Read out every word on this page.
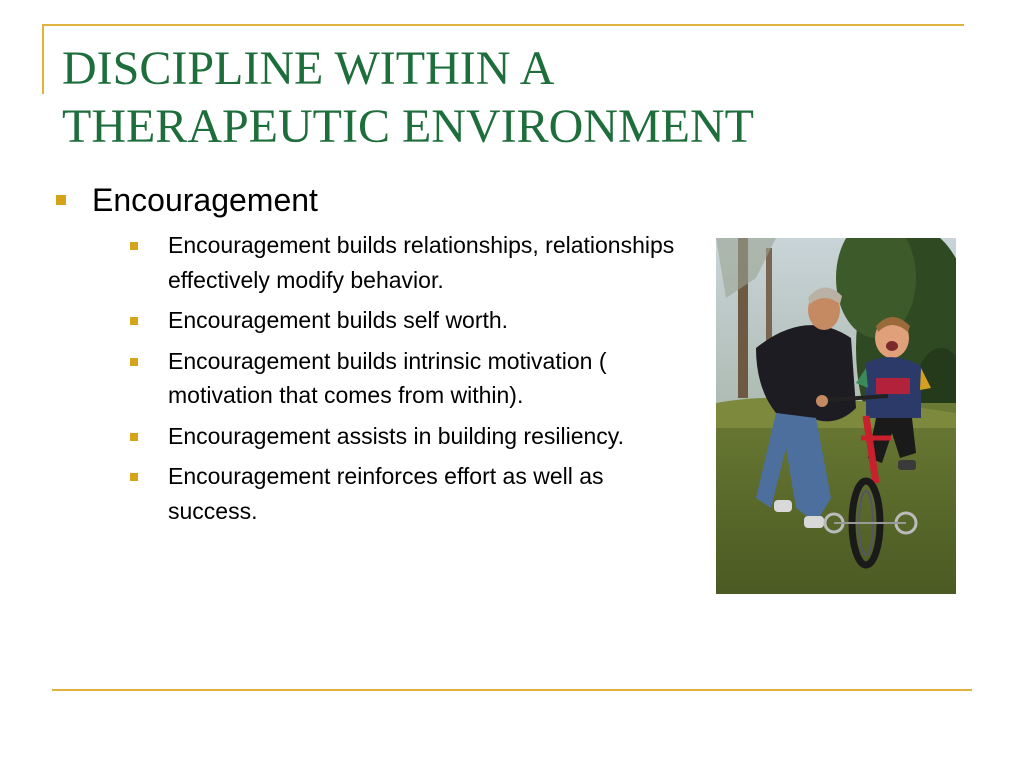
DISCIPLINE WITHIN A
THERAPEUTIC ENVIRONMENT
Encouragement
Encouragement builds relationships, relationships effectively modify behavior.
Encouragement builds self worth.
Encouragement builds intrinsic motivation ( motivation that comes from within).
Encouragement assists in building resiliency.
Encouragement reinforces effort as well as success.
